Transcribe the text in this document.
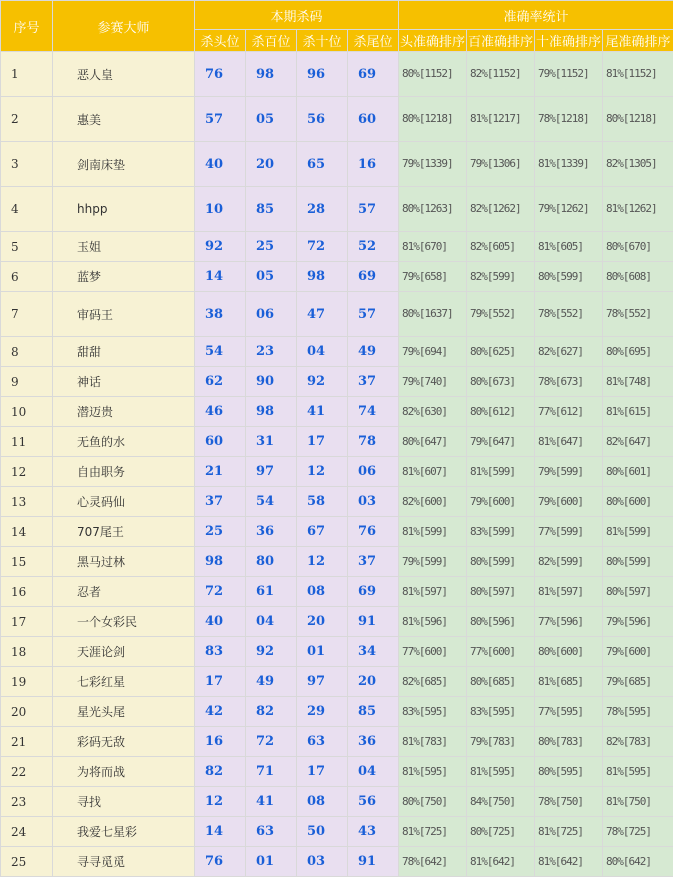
序号	参赛大师	本期杀码				准确率统计			
		杀头位	杀百位	杀十位	杀尾位	头准确排序	百准确排序	十准确排序	尾准确排序
1	恶人皇	76	98	96	69	80%[1152]	82%[1152]	79%[1152]	81%[1152]
2	惠美	57	05	56	60	80%[1218]	81%[1217]	78%[1218]	80%[1218]
3	剑南床垫	40	20	65	16	79%[1339]	79%[1306]	81%[1339]	82%[1305]
4	hhpp	10	85	28	57	80%[1263]	82%[1262]	79%[1262]	81%[1262]
5	玉姐	92	25	72	52	81%[670]	82%[605]	81%[605]	80%[670]
6	蓝梦	14	05	98	69	79%[658]	82%[599]	80%[599]	80%[608]
7	审码王	38	06	47	57	80%[1637]	79%[552]	78%[552]	78%[552]
8	甜甜	54	23	04	49	79%[694]	80%[625]	82%[627]	80%[695]
9	神话	62	90	92	37	79%[740]	80%[673]	78%[673]	81%[748]
10	潜迈贵	46	98	41	74	82%[630]	80%[612]	77%[612]	81%[615]
11	无鱼的水	60	31	17	78	80%[647]	79%[647]	81%[647]	82%[647]
12	自由职务	21	97	12	06	81%[607]	81%[599]	79%[599]	80%[601]
13	心灵码仙	37	54	58	03	82%[600]	79%[600]	79%[600]	80%[600]
14	707尾王	25	36	67	76	81%[599]	83%[599]	77%[599]	81%[599]
15	黑马过林	98	80	12	37	79%[599]	80%[599]	82%[599]	80%[599]
16	忍者	72	61	08	69	81%[597]	80%[597]	81%[597]	80%[597]
17	一个女彩民	40	04	20	91	81%[596]	80%[596]	77%[596]	79%[596]
18	天涯论剑	83	92	01	34	77%[600]	77%[600]	80%[600]	79%[600]
19	七彩红星	17	49	97	20	82%[685]	80%[685]	81%[685]	79%[685]
20	星光头尾	42	82	29	85	83%[595]	83%[595]	77%[595]	78%[595]
21	彩码无敌	16	72	63	36	81%[783]	79%[783]	80%[783]	82%[783]
22	为将而战	82	71	17	04	81%[595]	81%[595]	80%[595]	81%[595]
23	寻找	12	41	08	56	80%[750]	84%[750]	78%[750]	81%[750]
24	我爱七星彩	14	63	50	43	81%[725]	80%[725]	81%[725]	78%[725]
25	寻寻觅觅	76	01	03	91	78%[642]	81%[642]	81%[642]	80%[642]
